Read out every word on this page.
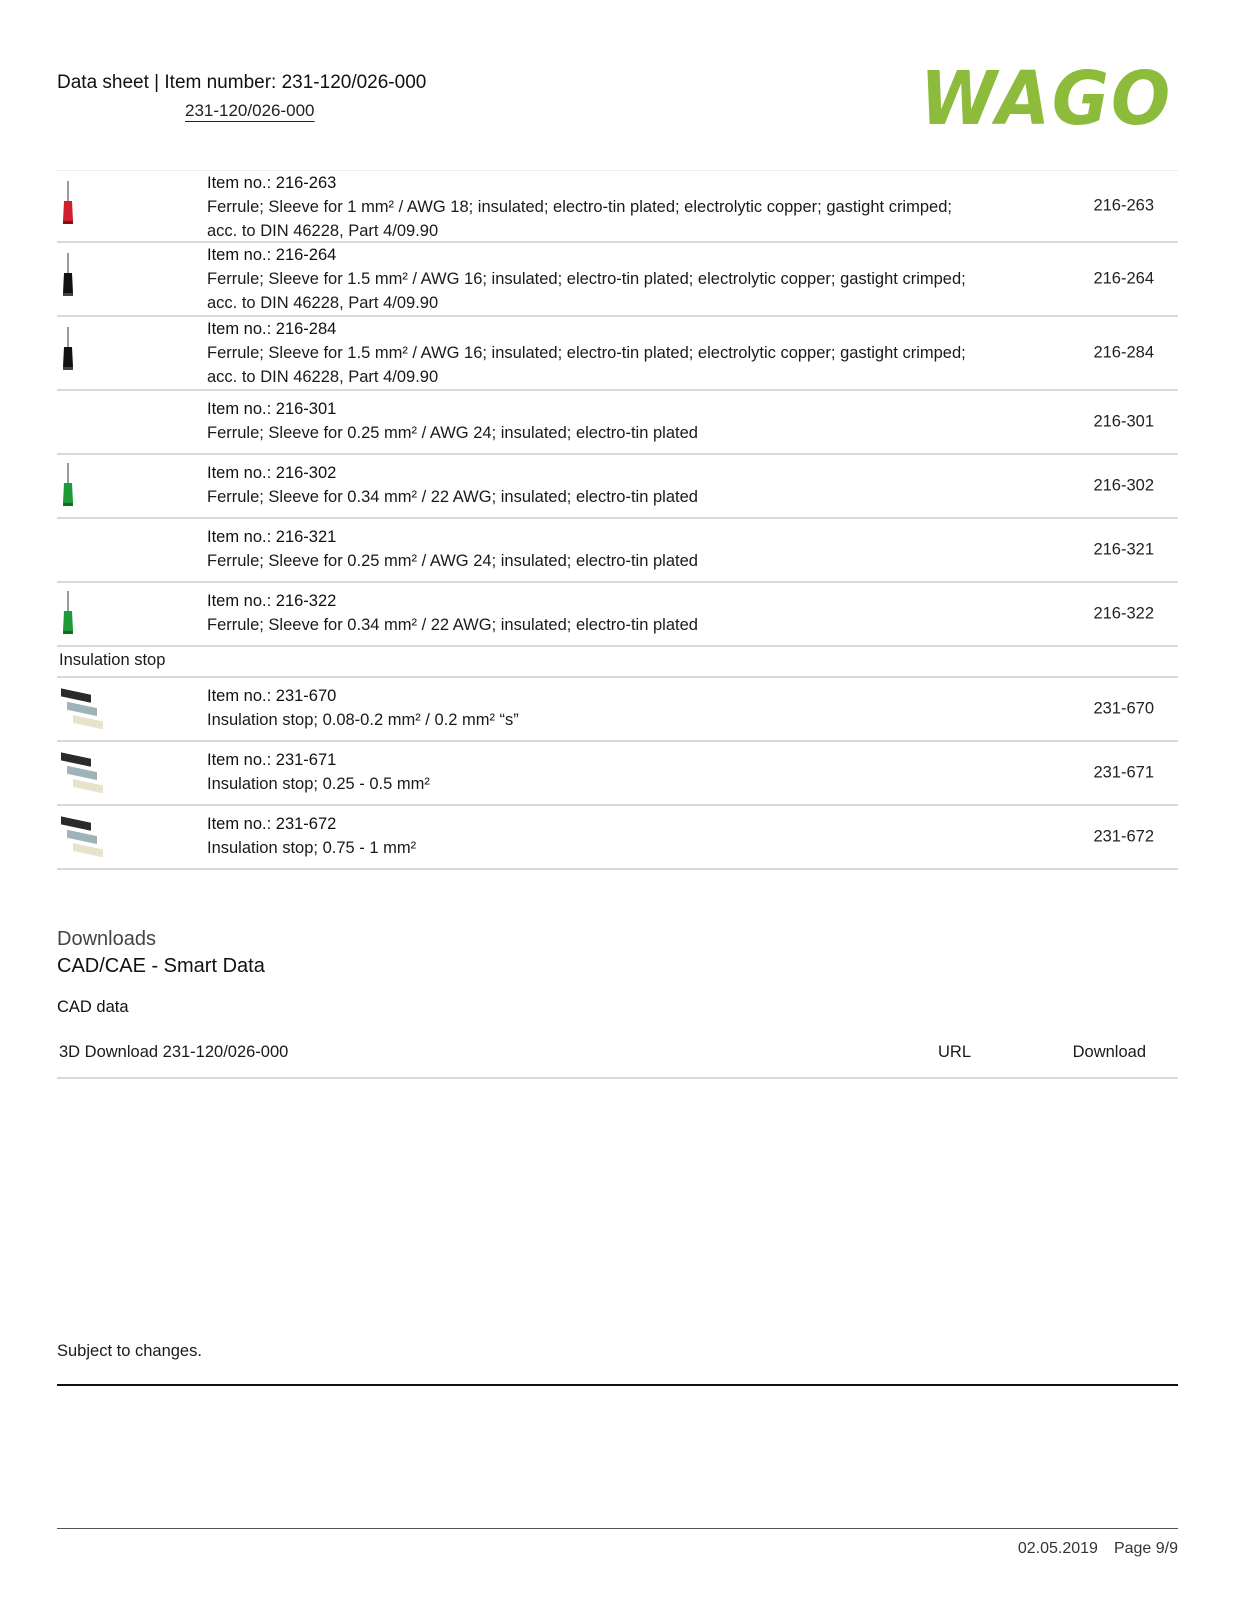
Data sheet | Item number: 231-120/026-000
231-120/026-000	WAGO
Item no.: 216-263
Ferrule; Sleeve for 1 mm² / AWG 18; insulated; electro-tin plated; electrolytic copper; gastight crimped; acc. to DIN 46228, Part 4/09.90
216-263
Item no.: 216-264
Ferrule; Sleeve for 1.5 mm² / AWG 16; insulated; electro-tin plated; electrolytic copper; gastight crimped; acc. to DIN 46228, Part 4/09.90
216-264
Item no.: 216-284
Ferrule; Sleeve for 1.5 mm² / AWG 16; insulated; electro-tin plated; electrolytic copper; gastight crimped; acc. to DIN 46228, Part 4/09.90
216-284
Item no.: 216-301
Ferrule; Sleeve for 0.25 mm² / AWG 24; insulated; electro-tin plated
216-301
Item no.: 216-302
Ferrule; Sleeve for 0.34 mm² / 22 AWG; insulated; electro-tin plated
216-302
Item no.: 216-321
Ferrule; Sleeve for 0.25 mm² / AWG 24; insulated; electro-tin plated
216-321
Item no.: 216-322
Ferrule; Sleeve for 0.34 mm² / 22 AWG; insulated; electro-tin plated
216-322
Insulation stop
Item no.: 231-670
Insulation stop; 0.08-0.2 mm² / 0.2 mm² “s”
231-670
Item no.: 231-671
Insulation stop; 0.25 - 0.5 mm²
231-671
Item no.: 231-672
Insulation stop; 0.75 - 1 mm²
231-672
Downloads
CAD/CAE - Smart Data
CAD data
3D Download 231-120/026-000	URL	Download
Subject to changes.
02.05.2019 Page 9/9
